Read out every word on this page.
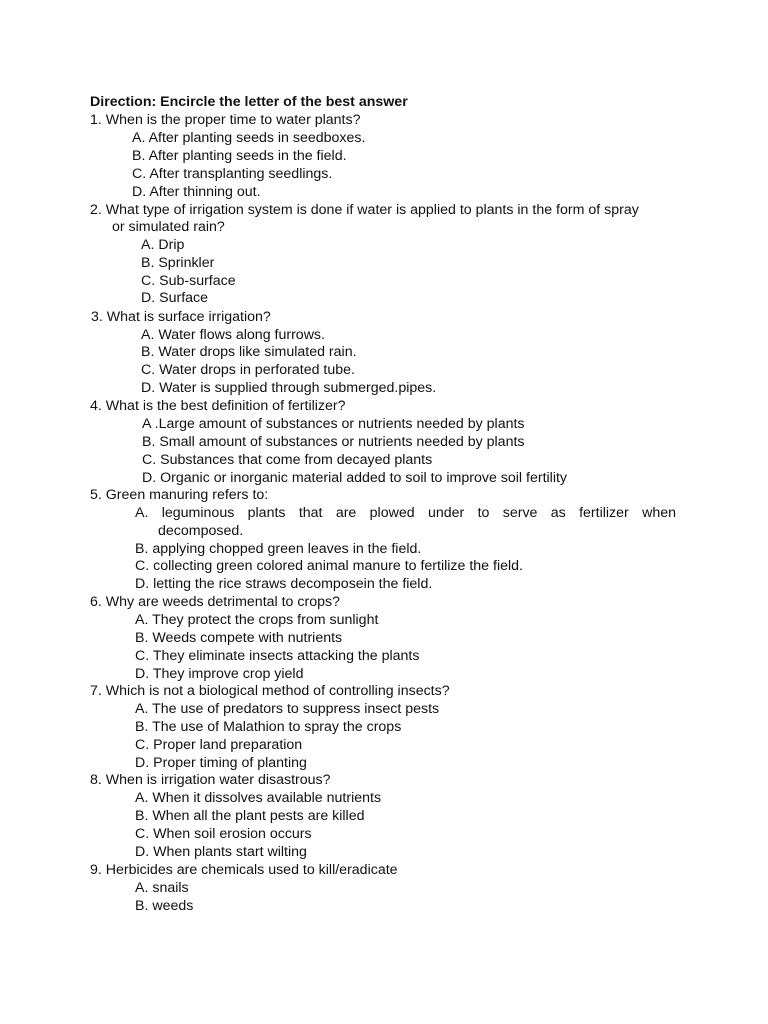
Direction: Encircle the letter of the best answer
1. When is the proper time to water plants?
A. After planting seeds in seedboxes.
B. After planting seeds in the field.
C. After transplanting seedlings.
D. After thinning out.
2. What type of irrigation system is done if water is applied to plants in the form of spray
or simulated rain?
A. Drip
B. Sprinkler
C. Sub-surface
D. Surface
3. What is surface irrigation?
A. Water flows along furrows.
B. Water drops like simulated rain.
C. Water drops in perforated tube.
D. Water is supplied through submerged.pipes.
4. What is the best definition of fertilizer?
A .Large amount of substances or nutrients needed by plants
B. Small amount of substances or nutrients needed by plants
C. Substances that come from decayed plants
D. Organic or inorganic material added to soil to improve soil fertility
5. Green manuring refers to:
A. leguminous plants that are plowed under to serve as fertilizer when
decomposed.
B. applying chopped green leaves in the field.
C. collecting green colored animal manure to fertilize the field.
D. letting the rice straws decomposein the field.
6. Why are weeds detrimental to crops?
A. They protect the crops from sunlight
B. Weeds compete with nutrients
C. They eliminate insects attacking the plants
D. They improve crop yield
7. Which is not a biological method of controlling insects?
A. The use of predators to suppress insect pests
B. The use of Malathion to spray the crops
C. Proper land preparation
D. Proper timing of planting
8. When is irrigation water disastrous?
A. When it dissolves available nutrients
B. When all the plant pests are killed
C. When soil erosion occurs
D. When plants start wilting
9. Herbicides are chemicals used to kill/eradicate
A. snails
B. weeds
